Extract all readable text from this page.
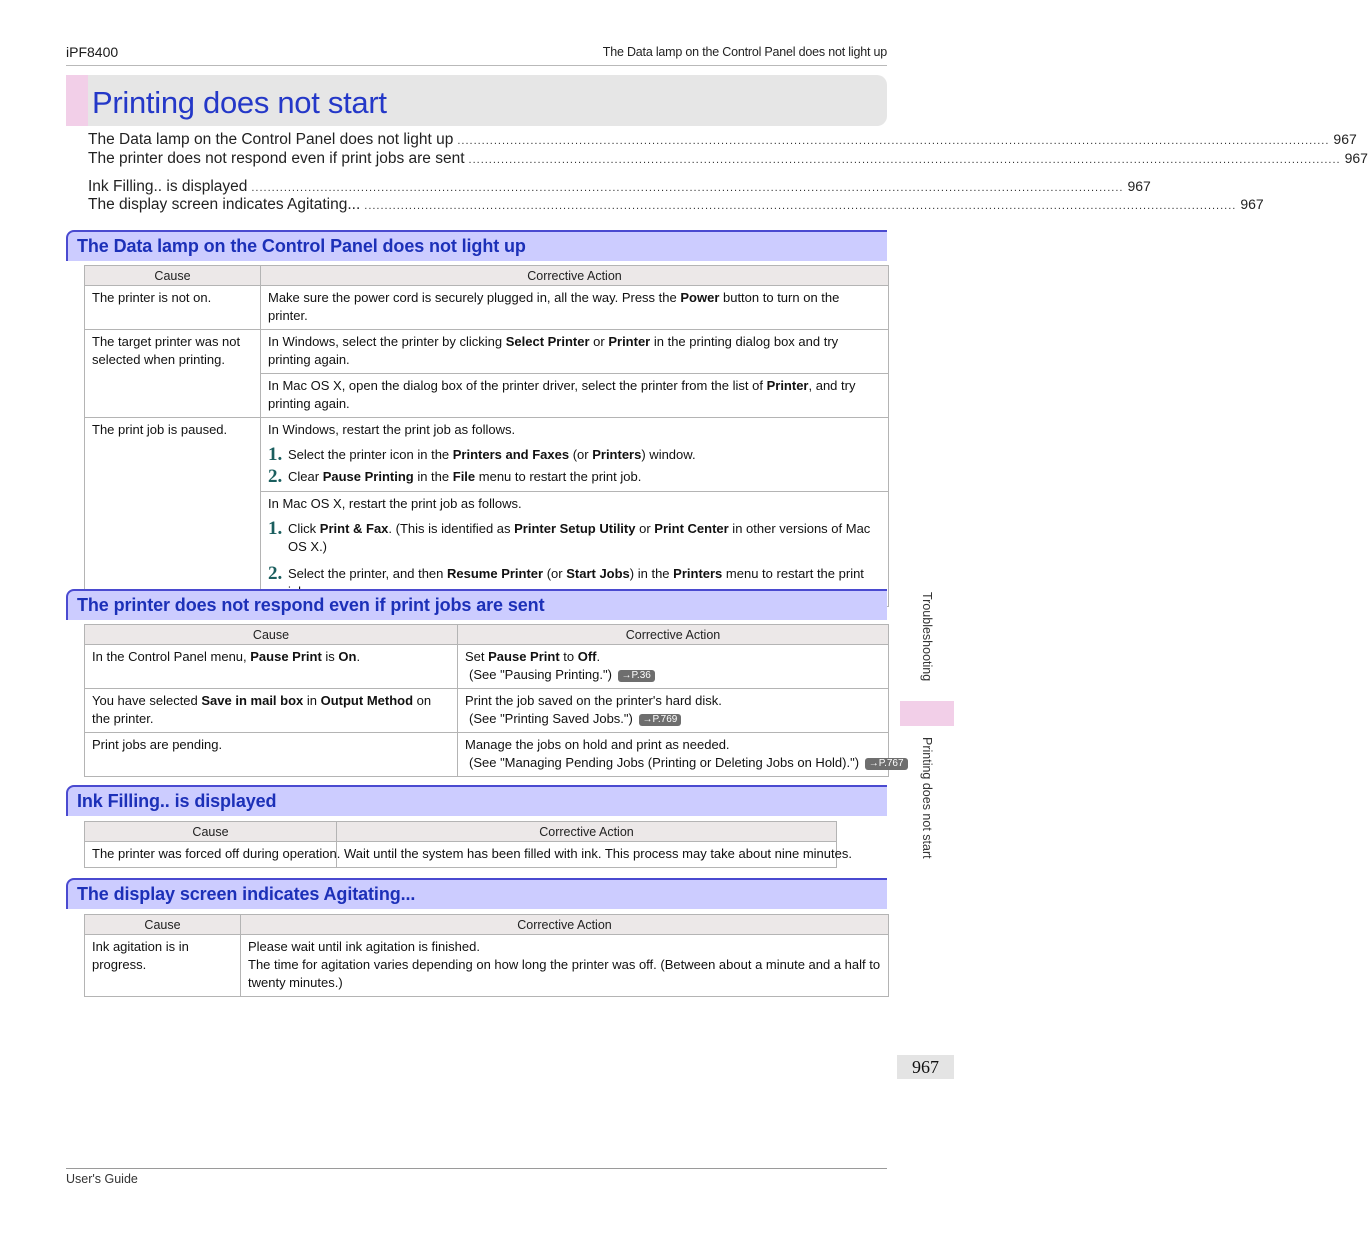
iPF8400	The Data lamp on the Control Panel does not light up
Printing does not start
The Data lamp on the Control Panel does not light up ....................................................................................................................................................................................................................... 967
The printer does not respond even if print jobs are sent ....................................................................................................................................................................................................................... 967
Ink Filling.. is displayed ....................................................................................................................................................................................................................... 967
The display screen indicates Agitating... ....................................................................................................................................................................................................................... 967
The Data lamp on the Control Panel does not light up
Cause	Corrective Action
The printer is not on.	Make sure the power cord is securely plugged in, all the way. Press the Power button to turn on the printer.
The target printer was not selected when printing.	In Windows, select the printer by clicking Select Printer or Printer in the printing dialog box and try printing again.
	In Mac OS X, open the dialog box of the printer driver, select the printer from the list of Printer, and try printing again.
The print job is paused.	In Windows, restart the print job as follows.
1. Select the printer icon in the Printers and Faxes (or Printers) window.
2. Clear Pause Printing in the File menu to restart the print job.

	In Mac OS X, restart the print job as follows.
1. Click Print & Fax. (This is identified as Printer Setup Utility or Print Center in other versions of Mac OS X.)
2. Select the printer, and then Resume Printer (or Start Jobs) in the Printers menu to restart the print
The printer does not respond even if print jobs are sent
Cause	Corrective Action
In the Control Panel menu, Pause Print is On.	Set Pause Print to Off.
(See "Pausing Printing.") →P.36

You have selected Save in mail box in Output Method on the printer.	Print the job saved on the printer's hard disk.
(See "Printing Saved Jobs.") →P.769

Print jobs are pending.	Manage the jobs on hold and print as needed.
(See "Managing Pending Jobs (Printing or Deleting Jobs on Hold).") →P.767
Ink Filling.. is displayed
Cause	Corrective Action
The printer was forced off during operation.	Wait until the system has been filled with ink. This process may take about nine minutes.
The display screen indicates Agitating...
Cause	Corrective Action
Ink agitation is in progress.	Please wait until ink agitation is finished.
The time for agitation varies depending on how long the printer was off. (Between about a minute and a half to twenty minutes.)
Troubleshooting
Printing does not start
967
User's Guide
